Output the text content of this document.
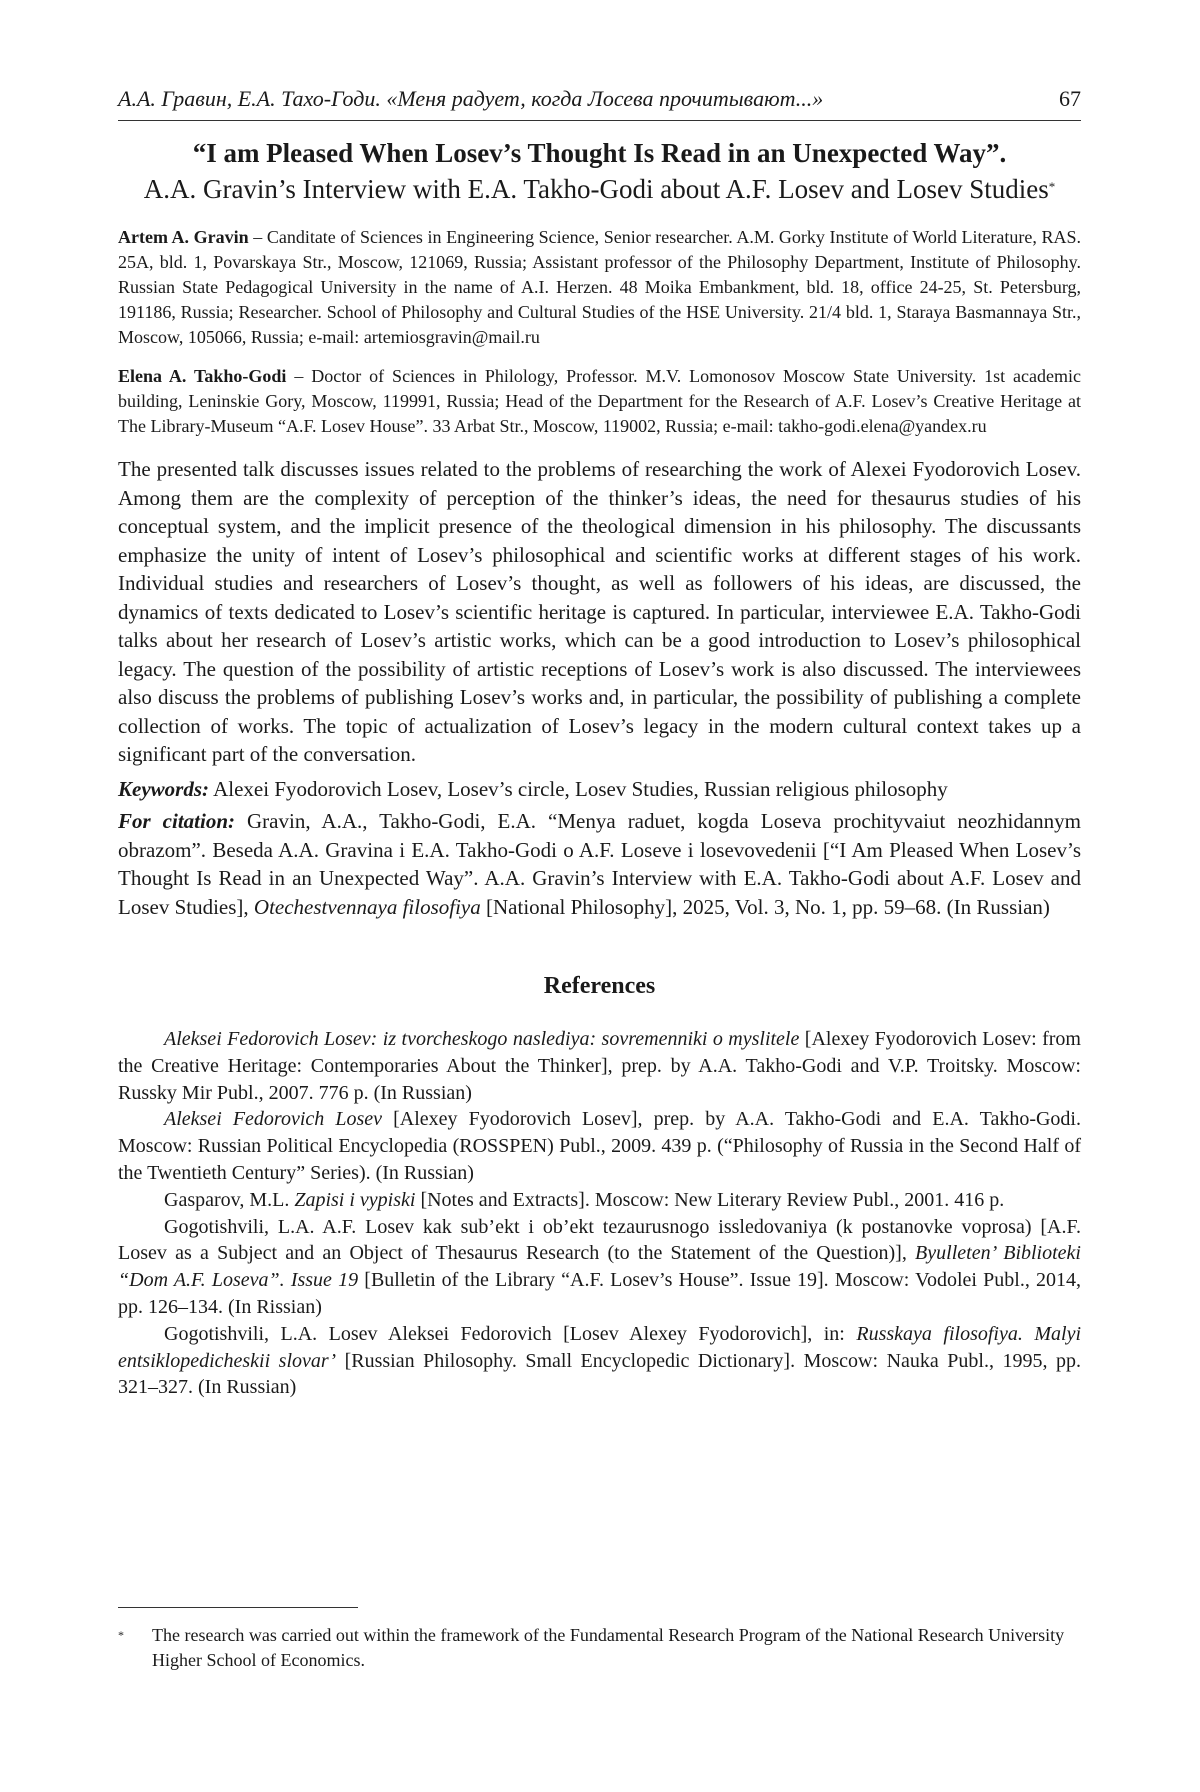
А.А. Гравин, Е.А. Тахо-Годи. «Меня радует, когда Лосева прочитывают...»	67
“I am Pleased When Losev’s Thought Is Read in an Unexpected Way”.
A.A. Gravin’s Interview with E.A. Takho-Godi about A.F. Losev and Losev Studies*
Artem A. Gravin – Canditate of Sciences in Engineering Science, Senior researcher. A.M. Gorky Institute of World Literature, RAS. 25A, bld. 1, Povarskaya Str., Moscow, 121069, Russia; Assistant professor of the Philosophy Department, Institute of Philosophy. Russian State Pedagogical University in the name of A.I. Herzen. 48 Moika Embankment, bld. 18, office 24-25, St. Petersburg, 191186, Russia; Researcher. School of Philosophy and Cultural Studies of the HSE University. 21/4 bld. 1, Staraya Basmannaya Str., Moscow, 105066, Russia; e-mail: artemiosgravin@mail.ru
Elena A. Takho-Godi – Doctor of Sciences in Philology, Professor. M.V. Lomonosov Moscow State University. 1st academic building, Leninskie Gory, Moscow, 119991, Russia; Head of the Department for the Research of A.F. Losev’s Creative Heritage at The Library-Museum “A.F. Losev House”. 33 Arbat Str., Moscow, 119002, Russia; e-mail: takho-godi.elena@yandex.ru
The presented talk discusses issues related to the problems of researching the work of Alexei Fyodorovich Losev. Among them are the complexity of perception of the thinker’s ideas, the need for thesaurus studies of his conceptual system, and the implicit presence of the theological dimension in his philosophy. The discussants emphasize the unity of intent of Losev’s philosophical and scientific works at different stages of his work. Individual studies and researchers of Losev’s thought, as well as followers of his ideas, are discussed, the dynamics of texts dedicated to Losev’s scientific heritage is captured. In particular, interviewee E.A. Takho-Godi talks about her research of Losev’s artistic works, which can be a good introduction to Losev’s philosophical legacy. The question of the possibility of artistic receptions of Losev’s work is also discussed. The interviewees also discuss the problems of publishing Losev’s works and, in particular, the possibility of publishing a complete collection of works. The topic of actualization of Losev’s legacy in the modern cultural context takes up a significant part of the conversation.
Keywords: Alexei Fyodorovich Losev, Losev’s circle, Losev Studies, Russian religious philosophy
For citation: Gravin, A.A., Takho-Godi, E.A. “Menya raduet, kogda Loseva prochityvaiut neozhidannym obrazom”. Beseda A.A. Gravina i E.A. Takho-Godi o A.F. Loseve i losevovedenii [“I Am Pleased When Losev’s Thought Is Read in an Unexpected Way”. A.A. Gravin’s Interview with E.A. Takho-Godi about A.F. Losev and Losev Studies], Otechestvennaya filosofiya [National Philosophy], 2025, Vol. 3, No. 1, pp. 59–68. (In Russian)
References
Aleksei Fedorovich Losev: iz tvorcheskogo naslediya: sovremenniki o myslitele [Alexey Fyodorovich Losev: from the Creative Heritage: Contemporaries About the Thinker], prep. by A.A. Takho-Godi and V.P. Troitsky. Moscow: Russky Mir Publ., 2007. 776 p. (In Russian)
Aleksei Fedorovich Losev [Alexey Fyodorovich Losev], prep. by A.A. Takho-Godi and E.A. Takho-Godi. Moscow: Russian Political Encyclopedia (ROSSPEN) Publ., 2009. 439 p. (“Philosophy of Russia in the Second Half of the Twentieth Century” Series). (In Russian)
Gasparov, M.L. Zapisi i vypiski [Notes and Extracts]. Moscow: New Literary Review Publ., 2001. 416 p.
Gogotishvili, L.A. A.F. Losev kak sub’ekt i ob’ekt tezaurusnogo issledovaniya (k postanovke voprosa) [A.F. Losev as a Subject and an Object of Thesaurus Research (to the Statement of the Question)], Byulleten’ Biblioteki “Dom A.F. Loseva”. Issue 19 [Bulletin of the Library “A.F. Losev’s House”. Issue 19]. Moscow: Vodolei Publ., 2014, pp. 126–134. (In Rissian)
Gogotishvili, L.A. Losev Aleksei Fedorovich [Losev Alexey Fyodorovich], in: Russkaya filosofiya. Malyi entsiklopedicheskii slovar’ [Russian Philosophy. Small Encyclopedic Dictionary]. Moscow: Nauka Publ., 1995, pp. 321–327. (In Russian)
*	The research was carried out within the framework of the Fundamental Research Program of the National Research University Higher School of Economics.
